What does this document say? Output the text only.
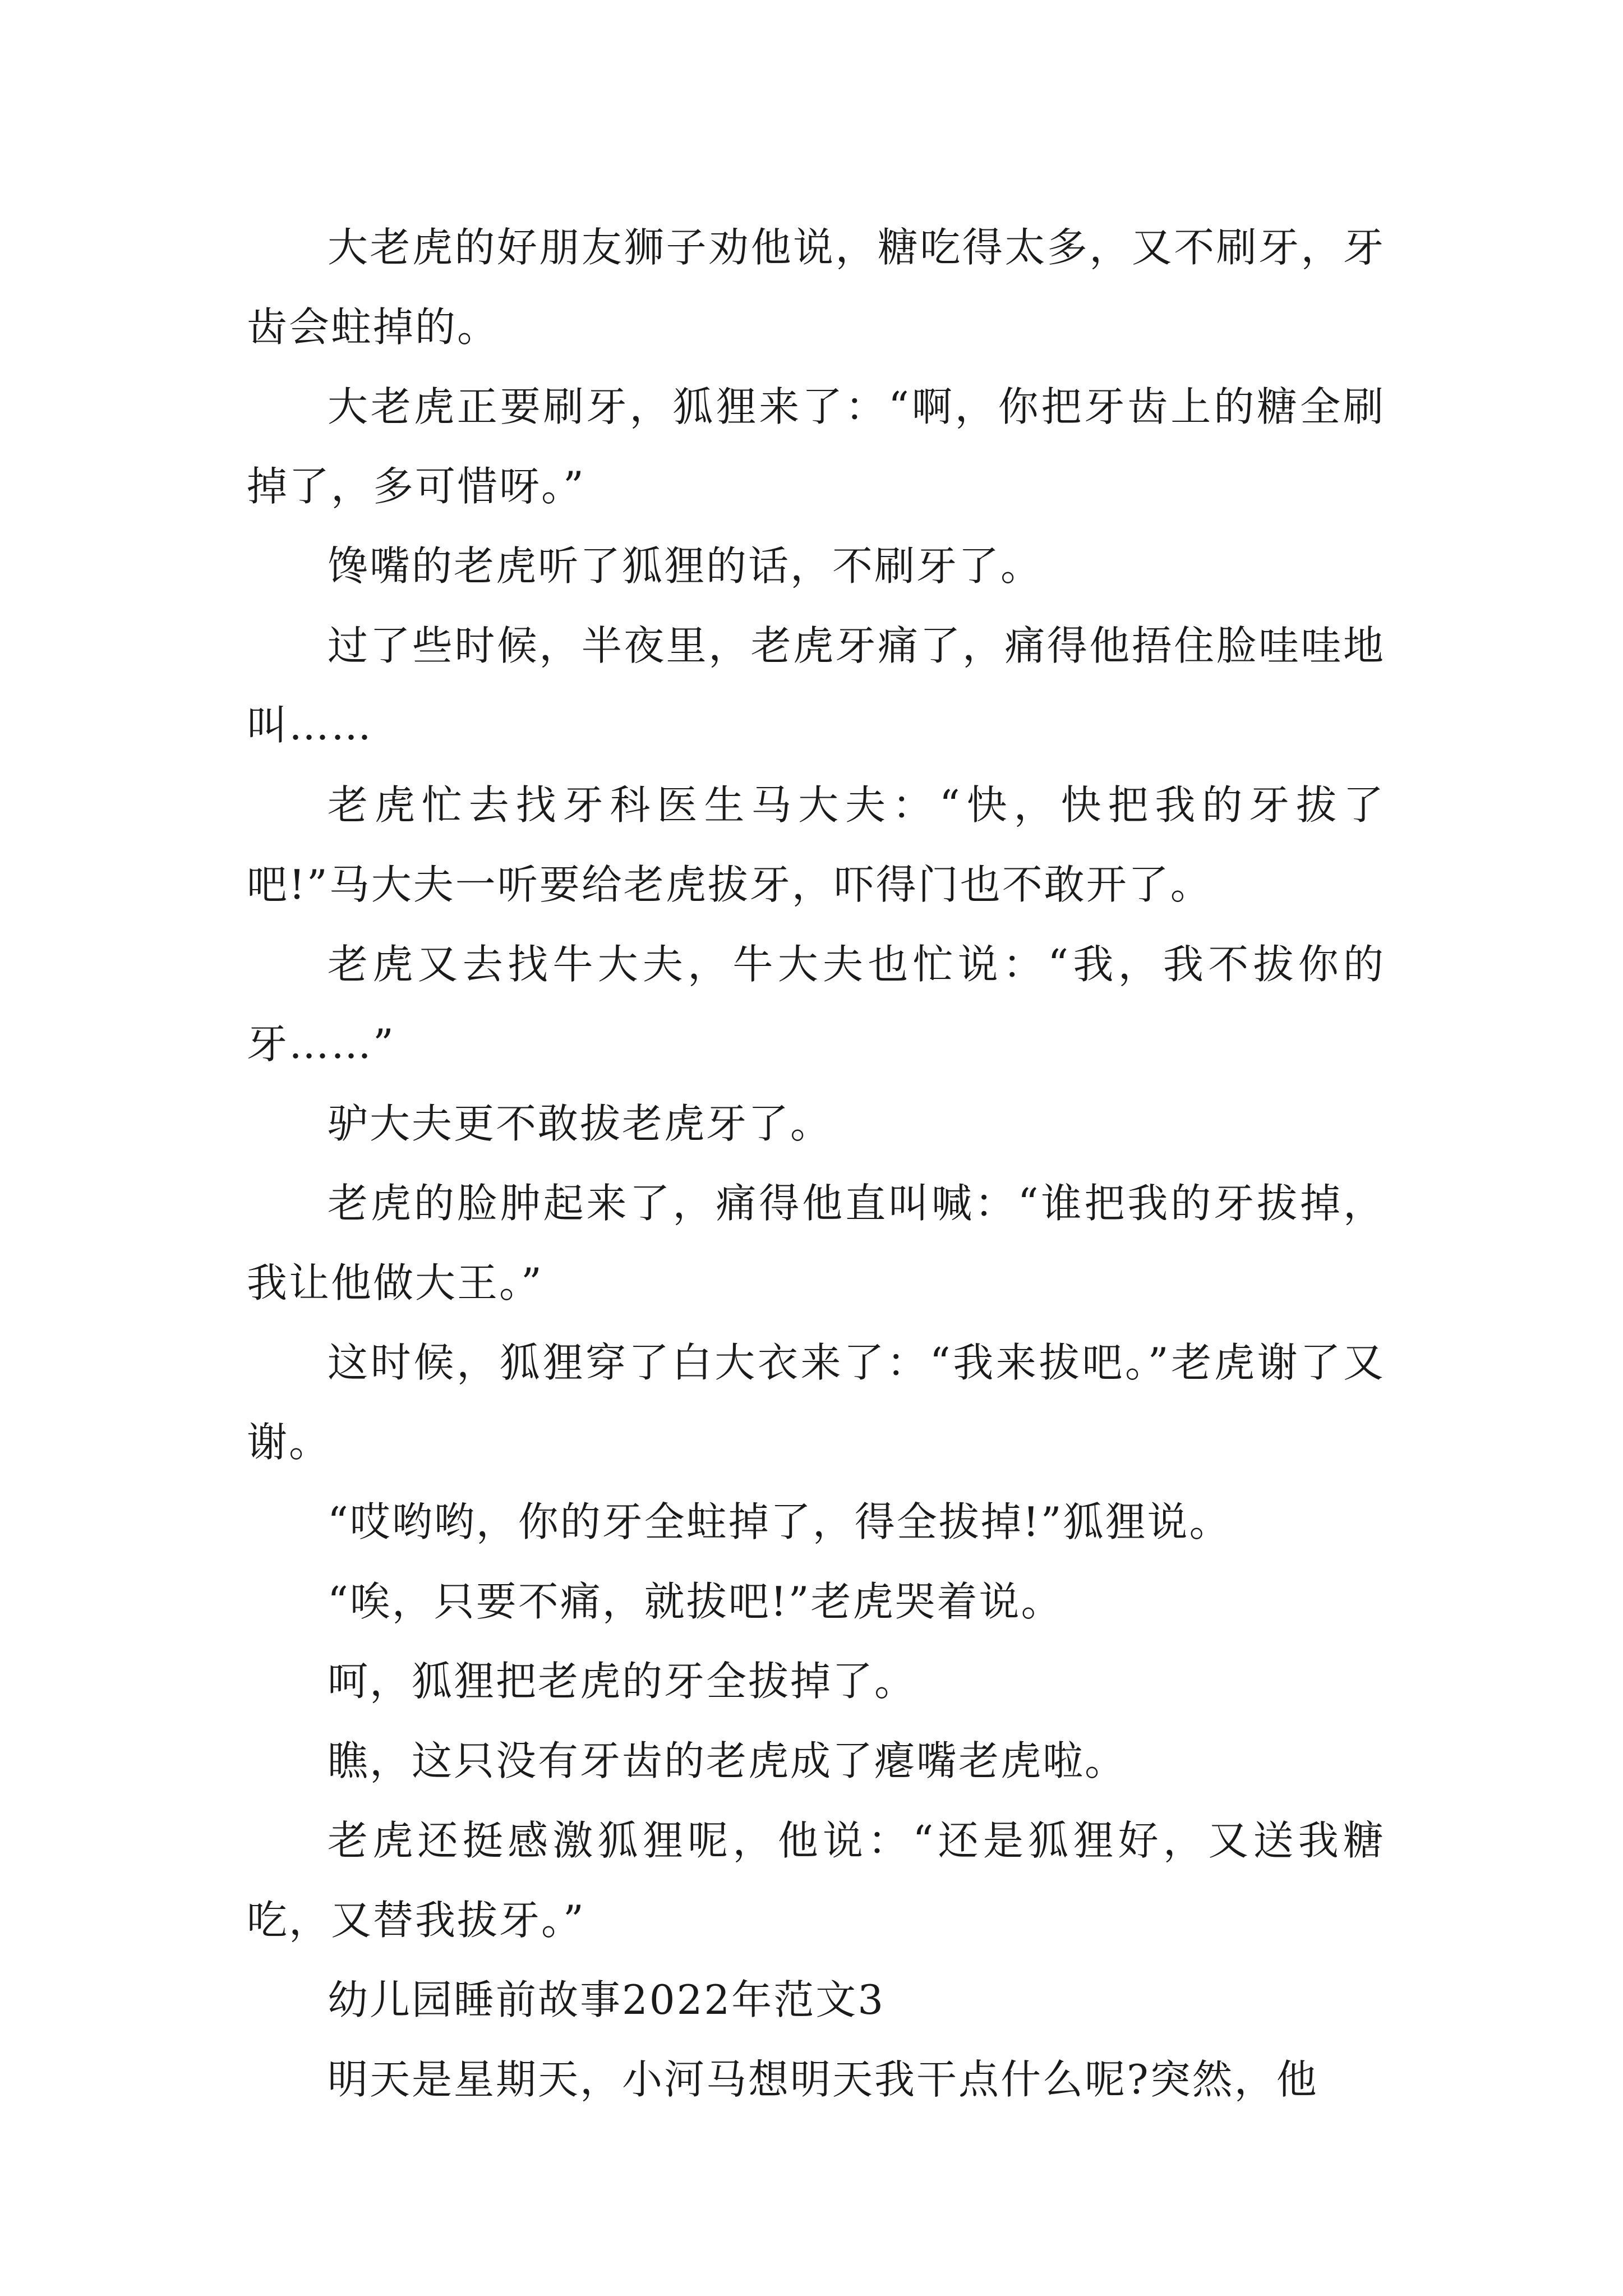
大老虎的好朋友狮子劝他说，糖吃得太多，又不刷牙，牙齿会蛀掉的。

大老虎正要刷牙，狐狸来了：“啊，你把牙齿上的糖全刷掉了，多可惜呀。”

馋嘴的老虎听了狐狸的话，不刷牙了。

过了些时候，半夜里，老虎牙痛了，痛得他捂住脸哇哇地叫……

老虎忙去找牙科医生马大夫：“快，快把我的牙拔了吧!”马大夫一听要给老虎拔牙，吓得门也不敢开了。

老虎又去找牛大夫，牛大夫也忙说：“我，我不拔你的牙……”

驴大夫更不敢拔老虎牙了。

老虎的脸肿起来了，痛得他直叫喊：“谁把我的牙拔掉，我让他做大王。”

这时候，狐狸穿了白大衣来了：“我来拔吧。”老虎谢了又谢。

“哎哟哟，你的牙全蛀掉了，得全拔掉!”狐狸说。

“唉，只要不痛，就拔吧!”老虎哭着说。

呵，狐狸把老虎的牙全拔掉了。

瞧，这只没有牙齿的老虎成了瘪嘴老虎啦。

老虎还挺感激狐狸呢，他说：“还是狐狸好，又送我糖吃，又替我拔牙。”

幼儿园睡前故事2022年范文3

明天是星期天，小河马想明天我干点什么呢?突然，他
